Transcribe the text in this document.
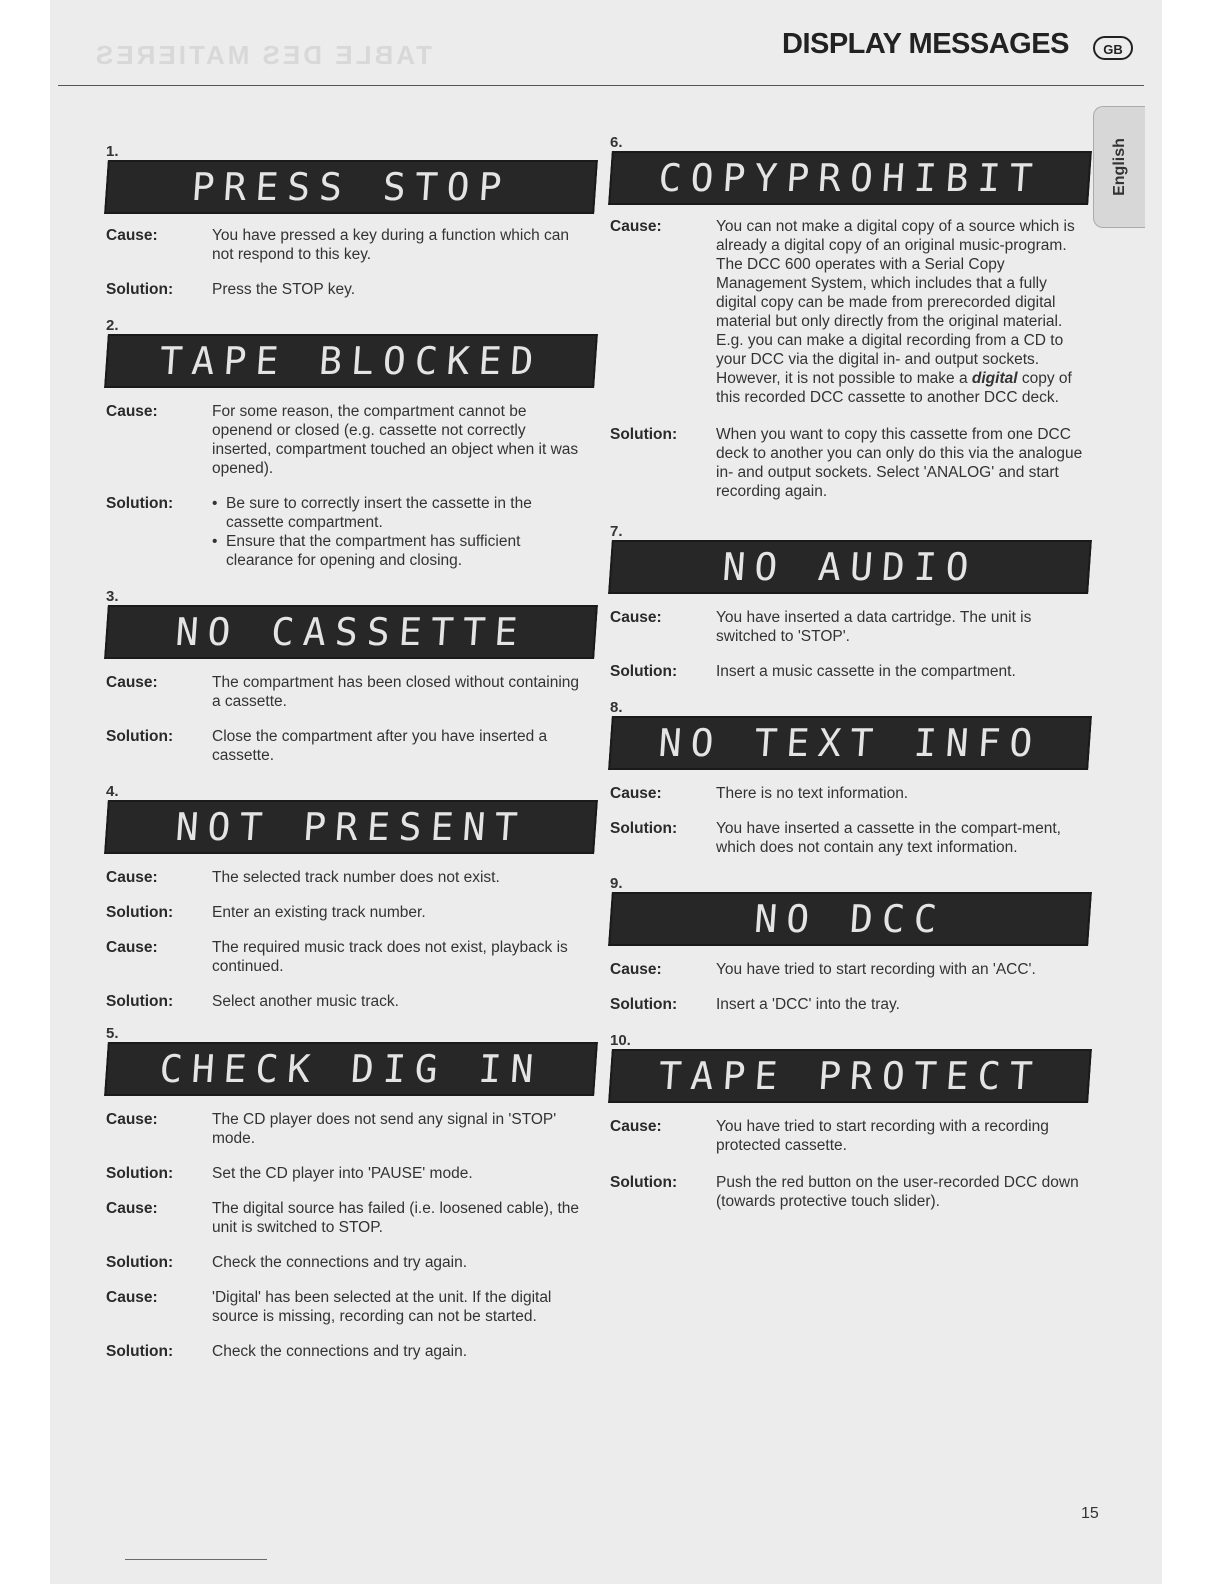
TABLE DES MATIERES	DISPLAY MESSAGES	GB
English
1.
PRESS STOP
Cause:	You have pressed a key during a function which can not respond to this key.
Solution:	Press the STOP key.
2.
TAPE BLOCKED
Cause:	For some reason, the compartment cannot be openend or closed (e.g. cassette not correctly inserted, compartment touched an object when it was opened).
Solution:	• Be sure to correctly insert the cassette in the cassette compartment.
• Ensure that the compartment has sufficient clearance for opening and closing.
3.
NO CASSETTE
Cause:	The compartment has been closed without containing a cassette.
Solution:	Close the compartment after you have inserted a cassette.
4.
NOT PRESENT
Cause:	The selected track number does not exist.
Solution:	Enter an existing track number.
Cause:	The required music track does not exist, playback is continued.
Solution:	Select another music track.
5.
CHECK DIG IN
Cause:	The CD player does not send any signal in 'STOP' mode.
Solution:	Set the CD player into 'PAUSE' mode.
Cause:	The digital source has failed (i.e. loosened cable), the unit is switched to STOP.
Solution:	Check the connections and try again.
Cause:	'Digital' has been selected at the unit. If the digital source is missing, recording can not be started.
Solution:	Check the connections and try again.
6.
COPYPROHIBIT
Cause:	You can not make a digital copy of a source which is already a digital copy of an original music-program. The DCC 600 operates with a Serial Copy Management System, which includes that a fully digital copy can be made from prerecorded digital material but only directly from the original material. E.g. you can make a digital recording from a CD to your DCC via the digital in- and output sockets. However, it is not possible to make a digital copy of this recorded DCC cassette to another DCC deck.
Solution:	When you want to copy this cassette from one DCC deck to another you can only do this via the analogue in- and output sockets. Select 'ANALOG' and start recording again.
7.
NO AUDIO
Cause:	You have inserted a data cartridge. The unit is switched to 'STOP'.
Solution:	Insert a music cassette in the compartment.
8.
NO TEXT INFO
Cause:	There is no text information.
Solution:	You have inserted a cassette in the compart-ment, which does not contain any text information.
9.
NO DCC
Cause:	You have tried to start recording with an 'ACC'.
Solution:	Insert a 'DCC' into the tray.
10.
TAPE PROTECT
Cause:	You have tried to start recording with a recording protected cassette.
Solution:	Push the red button on the user-recorded DCC down (towards protective touch slider).
15
